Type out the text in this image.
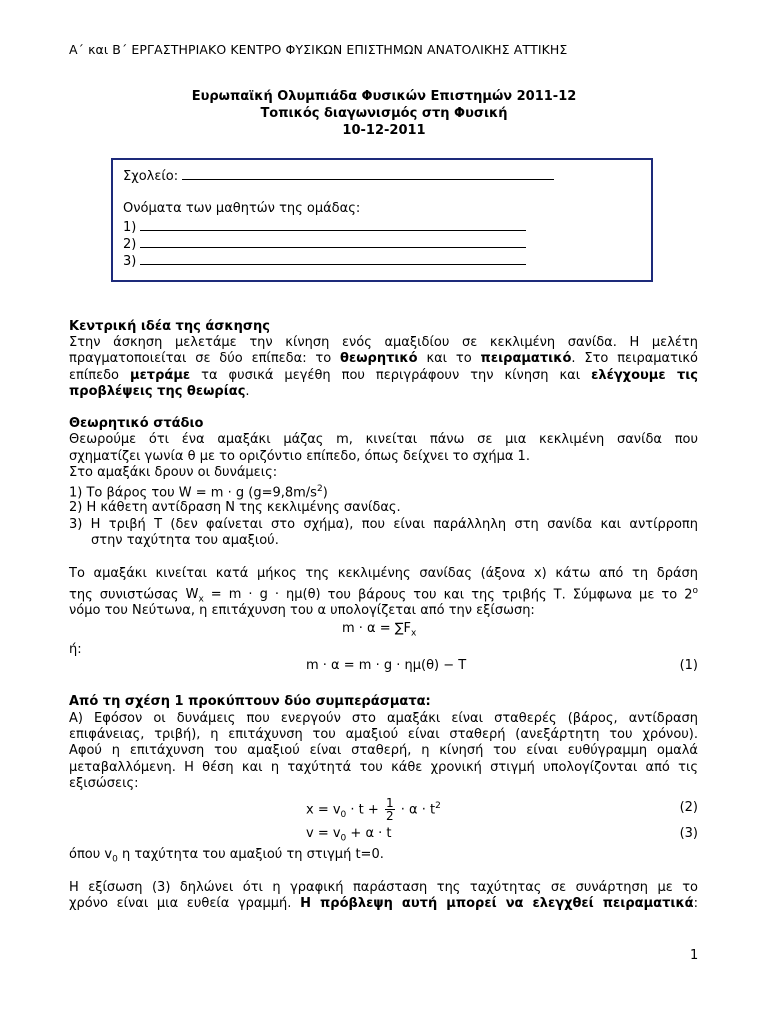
Α΄ και Β΄ ΕΡΓΑΣΤΗΡΙΑΚΟ ΚΕΝΤΡΟ ΦΥΣΙΚΩΝ ΕΠΙΣΤΗΜΩΝ ΑΝΑΤΟΛΙΚΗΣ ΑΤΤΙΚΗΣ
Ευρωπαϊκή Ολυμπιάδα Φυσικών Επιστημών 2011-12
Τοπικός διαγωνισμός στη Φυσική
10-12-2011
Σχολείο:
Ονόματα των μαθητών της ομάδας:
1)
2)
3)
Κεντρική ιδέα της άσκησης
Στην άσκηση μελετάμε την κίνηση ενός αμαξιδίου σε κεκλιμένη σανίδα. Η μελέτη
πραγματοποιείται σε δύο επίπεδα: το θεωρητικό και το πειραματικό. Στο πειραματικό
επίπεδο μετράμε τα φυσικά μεγέθη που περιγράφουν την κίνηση και ελέγχουμε τις
προβλέψεις της θεωρίας.
Θεωρητικό στάδιο
Θεωρούμε ότι ένα αμαξάκι μάζας m, κινείται πάνω σε μια κεκλιμένη σανίδα που
σχηματίζει γωνία θ με το οριζόντιο επίπεδο, όπως δείχνει το σχήμα 1.
Στο αμαξάκι δρουν οι δυνάμεις:
1) Το βάρος του W = m · g $(g=9,8m/s^2)$
2) Η κάθετη αντίδραση Ν της κεκλιμένης σανίδας.
3) Η τριβή Τ (δεν φαίνεται στο σχήμα), που είναι παράλληλη στη σανίδα και αντίρροπη
στην ταχύτητα του αμαξιού.
Το αμαξάκι κινείται κατά μήκος της κεκλιμένης σανίδας (άξονα x) κάτω από τη δράση
της συνιστώσας $W_x = m \cdot g \cdot \eta\mu(\theta)$ του βάρους του και της τριβής Τ. Σύμφωνα με το $2^o$
νόμο του Νεύτωνα, η επιτάχυνση του α υπολογίζεται από την εξίσωση:
$m \cdot \alpha = \sum F_x$
ή:
m · α = m · g · ημ(θ) − T	(1)
Από τη σχέση 1 προκύπτουν δύο συμπεράσματα:
Α) Εφόσον οι δυνάμεις που ενεργούν στο αμαξάκι είναι σταθερές (βάρος, αντίδραση
επιφάνειας, τριβή), η επιτάχυνση του αμαξιού είναι σταθερή (ανεξάρτητη του χρόνου).
Αφού η επιτάχυνση του αμαξιού είναι σταθερή, η κίνησή του είναι ευθύγραμμη ομαλά
μεταβαλλόμενη. Η θέση και η ταχύτητά του κάθε χρονική στιγμή υπολογίζονται από τις
εξισώσεις:
$x = v_0 \cdot t + \frac{1}{2} \cdot \alpha \cdot t^2$	(2)
$v = v_0 + \alpha \cdot t$	(3)
όπου $v_0$ η ταχύτητα του αμαξιού τη στιγμή t=0.
Η εξίσωση (3) δηλώνει ότι η γραφική παράσταση της ταχύτητας σε συνάρτηση με το
χρόνο είναι μια ευθεία γραμμή. Η πρόβλεψη αυτή μπορεί να ελεγχθεί πειραματικά:
1
